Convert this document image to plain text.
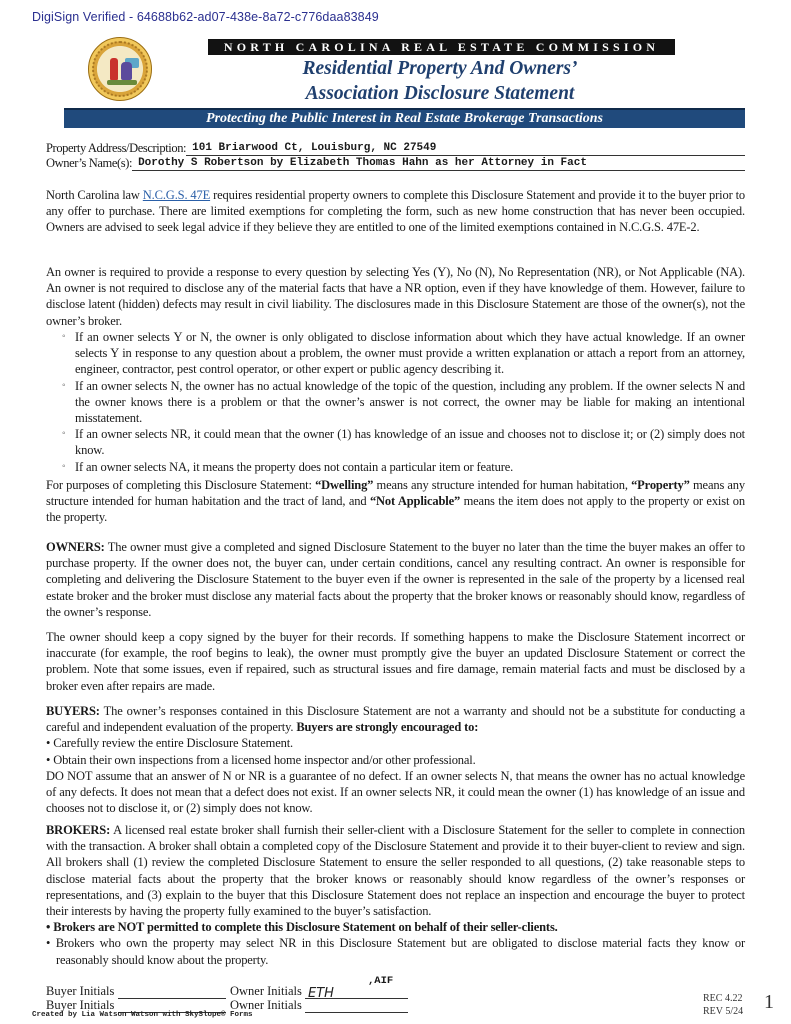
DigiSign Verified - 64688b62-ad07-438e-8a72-c776daa83849
NORTH CAROLINA REAL ESTATE COMMISSION
Residential Property And Owners’
Association Disclosure Statement
Protecting the Public Interest in Real Estate Brokerage Transactions
Property Address/Description: 101 Briarwood Ct, Louisburg, NC 27549
Owner’s Name(s): Dorothy S Robertson by Elizabeth Thomas Hahn as her Attorney in Fact

North Carolina law N.C.G.S. 47E requires residential property owners to complete this Disclosure Statement and provide it to the buyer prior to any offer to purchase. There are limited exemptions for completing the form, such as new home construction that has never been occupied. Owners are advised to seek legal advice if they believe they are entitled to one of the limited exemptions contained in N.C.G.S. 47E-2.

An owner is required to provide a response to every question by selecting Yes (Y), No (N), No Representation (NR), or Not Applicable (NA). An owner is not required to disclose any of the material facts that have a NR option, even if they have knowledge of them. However, failure to disclose latent (hidden) defects may result in civil liability. The disclosures made in this Disclosure Statement are those of the owner(s), not the owner’s broker.

◦ If an owner selects Y or N, the owner is only obligated to disclose information about which they have actual knowledge. If an owner selects Y in response to any question about a problem, the owner must provide a written explanation or attach a report from an attorney, engineer, contractor, pest control operator, or other expert or public agency describing it.
◦ If an owner selects N, the owner has no actual knowledge of the topic of the question, including any problem. If the owner selects N and the owner knows there is a problem or that the owner’s answer is not correct, the owner may be liable for making an intentional misstatement.
◦ If an owner selects NR, it could mean that the owner (1) has knowledge of an issue and chooses not to disclose it; or (2) simply does not know.
◦ If an owner selects NA, it means the property does not contain a particular item or feature.

For purposes of completing this Disclosure Statement: “Dwelling” means any structure intended for human habitation, “Property” means any structure intended for human habitation and the tract of land, and “Not Applicable” means the item does not apply to the property or exist on the property.

OWNERS: The owner must give a completed and signed Disclosure Statement to the buyer no later than the time the buyer makes an offer to purchase property. If the owner does not, the buyer can, under certain conditions, cancel any resulting contract. An owner is responsible for completing and delivering the Disclosure Statement to the buyer even if the owner is represented in the sale of the property by a licensed real estate broker and the broker must disclose any material facts about the property that the broker knows or reasonably should know, regardless of the owner’s response.

The owner should keep a copy signed by the buyer for their records. If something happens to make the Disclosure Statement incorrect or inaccurate (for example, the roof begins to leak), the owner must promptly give the buyer an updated Disclosure Statement or correct the problem. Note that some issues, even if repaired, such as structural issues and fire damage, remain material facts and must be disclosed by a broker even after repairs are made.

BUYERS: The owner’s responses contained in this Disclosure Statement are not a warranty and should not be a substitute for conducting a careful and independent evaluation of the property. Buyers are strongly encouraged to:
• Carefully review the entire Disclosure Statement.
• Obtain their own inspections from a licensed home inspector and/or other professional.
DO NOT assume that an answer of N or NR is a guarantee of no defect. If an owner selects N, that means the owner has no actual knowledge of any defects. It does not mean that a defect does not exist. If an owner selects NR, it could mean the owner (1) has knowledge of an issue and chooses not to disclose it, or (2) simply does not know.
BROKERS: A licensed real estate broker shall furnish their seller-client with a Disclosure Statement for the seller to complete in connection with the transaction. A broker shall obtain a completed copy of the Disclosure Statement and provide it to their buyer-client to review and sign. All brokers shall (1) review the completed Disclosure Statement to ensure the seller responded to all questions, (2) take reasonable steps to disclose material facts about the property that the broker knows or reasonably should know regardless of the owner’s responses or representations, and (3) explain to the buyer that this Disclosure Statement does not replace an inspection and encourage the buyer to protect their interests by having the property fully examined to the buyer’s satisfaction.
• Brokers are NOT permitted to complete this Disclosure Statement on behalf of their seller-clients.
• Brokers who own the property may select NR in this Disclosure Statement but are obligated to disclose material facts they know or reasonably should know about the property.
Buyer Initials
Buyer Initials
Owner Initials ETH
,AIF
Owner Initials
Created by Lia Watson Watson with SkySlope® Forms
REC 4.22
REV 5/24 1
